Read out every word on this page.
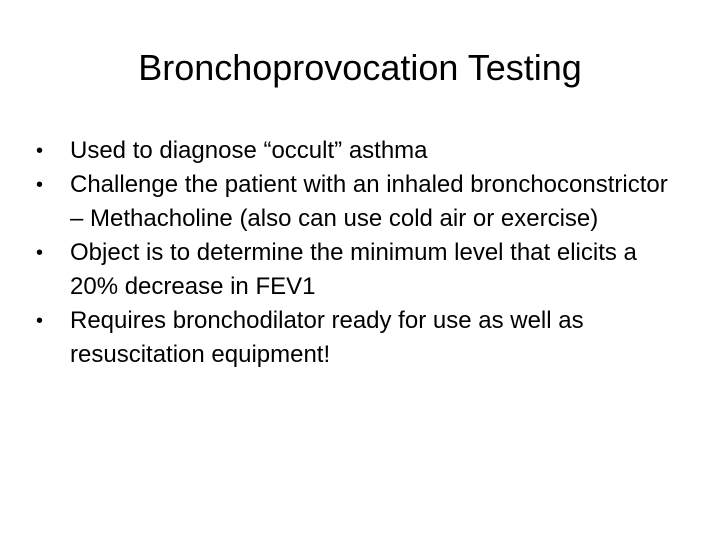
Bronchoprovocation Testing
•	Used to diagnose “occult” asthma
•	Challenge the patient with an inhaled bronchoconstrictor – Methacholine (also can use cold air or exercise)
•	Object is to determine the minimum level that elicits a 20% decrease in FEV1
•	Requires bronchodilator ready for use as well as resuscitation equipment!
